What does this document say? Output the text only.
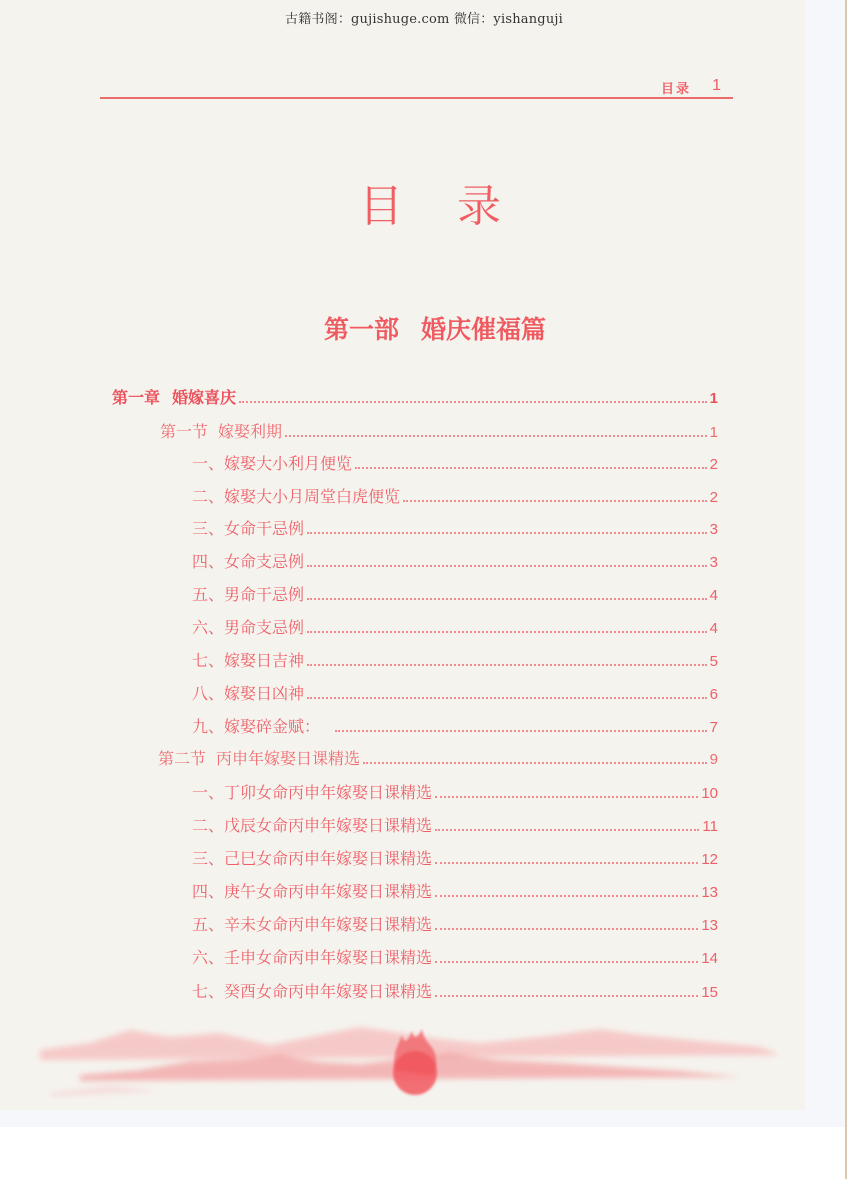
古籍书阁：gujishuge.com 微信：yishanguji
目录 1
目 录
第一部 婚庆催福篇
第一章 婚嫁喜庆	1
第一节 嫁娶利期	1
一、嫁娶大小利月便览	2
二、嫁娶大小月周堂白虎便览	2
三、女命干忌例	3
四、女命支忌例	3
五、男命干忌例	4
六、男命支忌例	4
七、嫁娶日吉神	5
八、嫁娶日凶神	6
九、嫁娶碎金赋：	7
第二节 丙申年嫁娶日课精选	9
一、丁卯女命丙申年嫁娶日课精选	10
二、戊辰女命丙申年嫁娶日课精选	11
三、己巳女命丙申年嫁娶日课精选	12
四、庚午女命丙申年嫁娶日课精选	13
五、辛未女命丙申年嫁娶日课精选	13
六、壬申女命丙申年嫁娶日课精选	14
七、癸酉女命丙申年嫁娶日课精选	15
